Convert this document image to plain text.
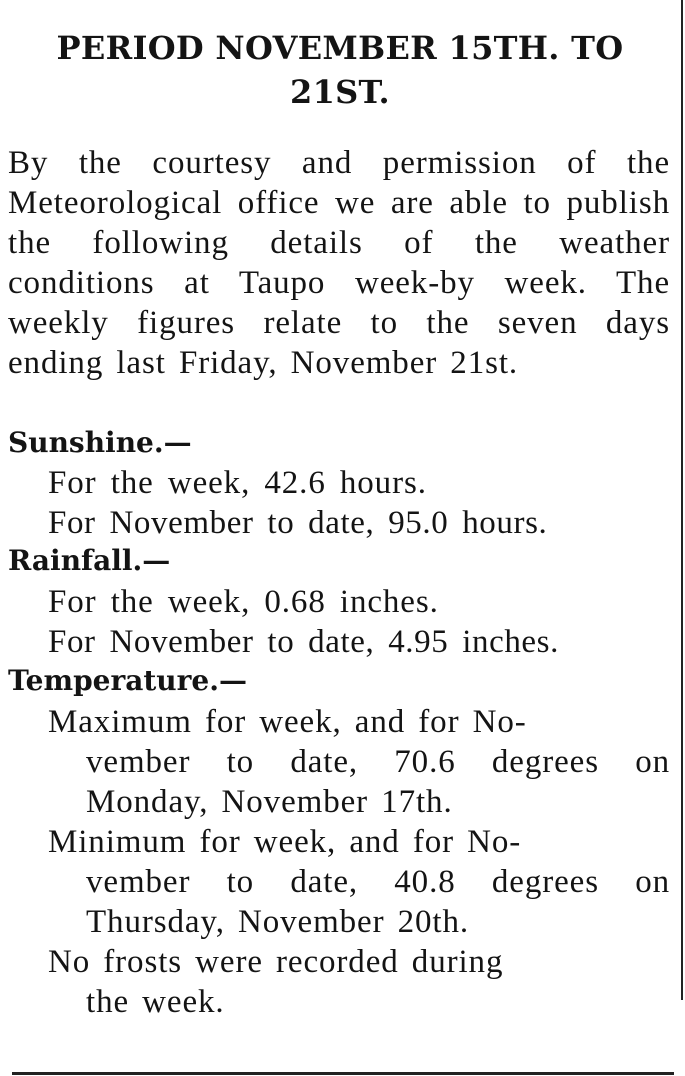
PERIOD NOVEMBER 15TH. TO 21ST.

By the courtesy and permission of the Meteorological office we are able to publish the following details of the weather conditions at Taupo week-by week. The weekly figures relate to the seven days ending last Friday, November 21st.

Sunshine.—

For the week, 42.6 hours.

For November to date, 95.0 hours.

Rainfall.—

For the week, 0.68 inches.

For November to date, 4.95 inches.

Temperature.—

Maximum for week, and for No-
vember to date, 70.6 degrees on Monday, November 17th.
Minimum for week, and for No-
vember to date, 40.8 degrees on Thursday, November 20th.
No frosts were recorded during
the week.
